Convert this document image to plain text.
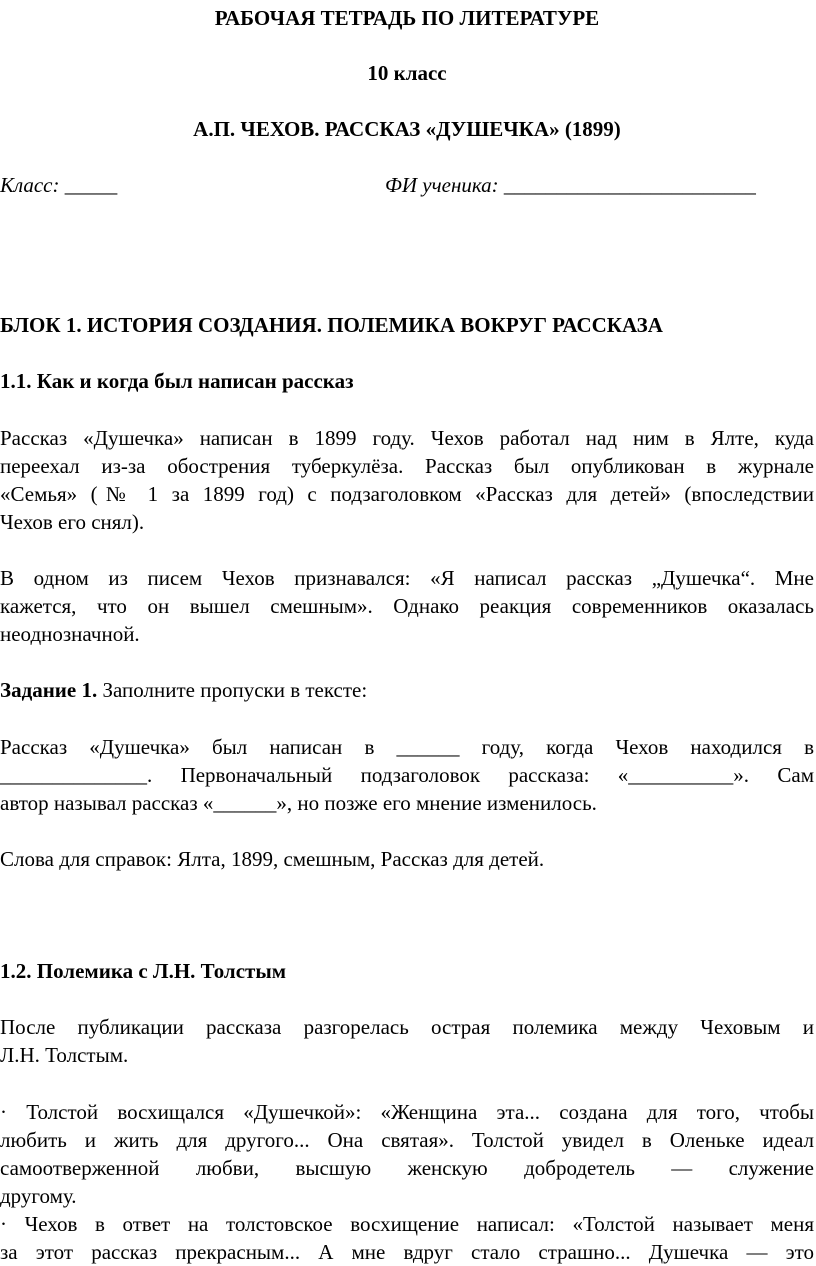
РАБОЧАЯ ТЕТРАДЬ ПО ЛИТЕРАТУРЕ

10 класс

А.П. ЧЕХОВ. РАССКАЗ «ДУШЕЧКА» (1899)

Класс: _____	ФИ ученика: ________________________

БЛОК 1. ИСТОРИЯ СОЗДАНИЯ. ПОЛЕМИКА ВОКРУГ РАССКАЗА

1.1. Как и когда был написан рассказ

Рассказ «Душечка» написан в 1899 году. Чехов работал над ним в Ялте, куда

переехал из-за обострения туберкулёза. Рассказ был опубликован в журнале

«Семья» (№ 1 за 1899 год) с подзаголовком «Рассказ для детей» (впоследствии

Чехов его снял).

В одном из писем Чехов признавался: «Я написал рассказ „Душечка“. Мне

кажется, что он вышел смешным». Однако реакция современников оказалась

неоднозначной.

Задание 1. Заполните пропуски в тексте:

Рассказ «Душечка» был написан в ______ году, когда Чехов находился в

______________. Первоначальный подзаголовок рассказа: «__________». Сам

автор называл рассказ «______», но позже его мнение изменилось.

Слова для справок: Ялта, 1899, смешным, Рассказ для детей.

1.2. Полемика с Л.Н. Толстым

После публикации рассказа разгорелась острая полемика между Чеховым и

Л.Н. Толстым.

· Толстой восхищался «Душечкой»: «Женщина эта... создана для того, чтобы

любить и жить для другого... Она святая». Толстой увидел в Оленьке идеал

самоотверженной любви, высшую женскую добродетель — служение

другому.

· Чехов в ответ на толстовское восхищение написал: «Толстой называет меня

за этот рассказ прекрасным... А мне вдруг стало страшно... Душечка — это
